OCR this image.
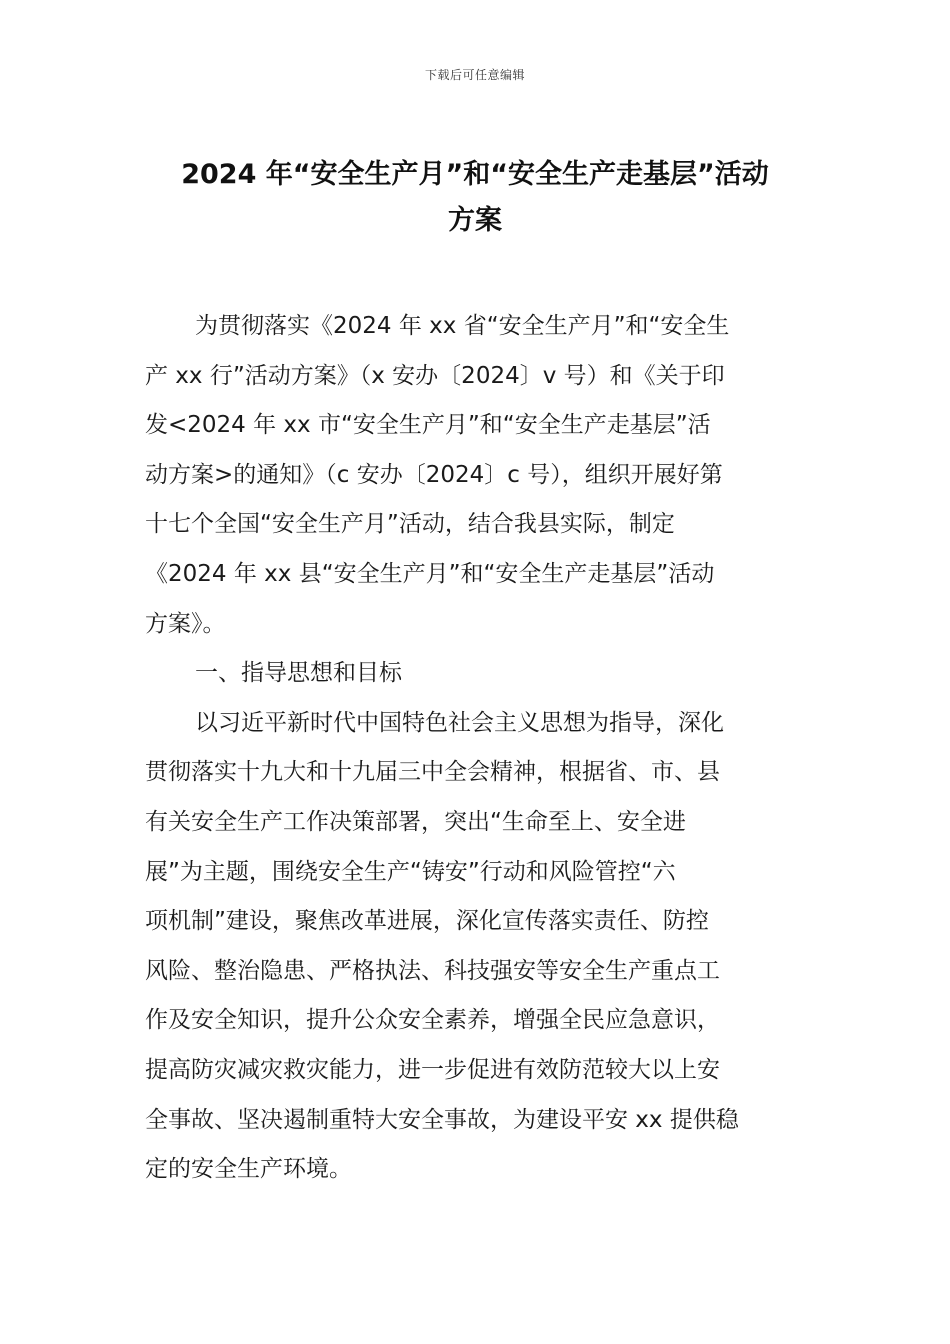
下载后可任意编辑
2024 年“安全生产月”和“安全生产走基层”活动
方案
为贯彻落实《2024 年 xx 省“安全生产月”和“安全生
产 xx 行”活动方案》（x 安办〔2024〕v 号）和《关于印
发<2024 年 xx 市“安全生产月”和“安全生产走基层”活
动方案>的通知》（c 安办〔2024〕c 号），组织开展好第
十七个全国“安全生产月”活动，结合我县实际，制定
《2024 年 xx 县“安全生产月”和“安全生产走基层”活动
方案》。
一、指导思想和目标
以习近平新时代中国特色社会主义思想为指导，深化
贯彻落实十九大和十九届三中全会精神，根据省、市、县
有关安全生产工作决策部署，突出“生命至上、安全进
展”为主题，围绕安全生产“铸安”行动和风险管控“六
项机制”建设，聚焦改革进展，深化宣传落实责任、防控
风险、整治隐患、严格执法、科技强安等安全生产重点工
作及安全知识，提升公众安全素养，增强全民应急意识，
提高防灾减灾救灾能力，进一步促进有效防范较大以上安
全事故、坚决遏制重特大安全事故，为建设平安 xx 提供稳
定的安全生产环境。
